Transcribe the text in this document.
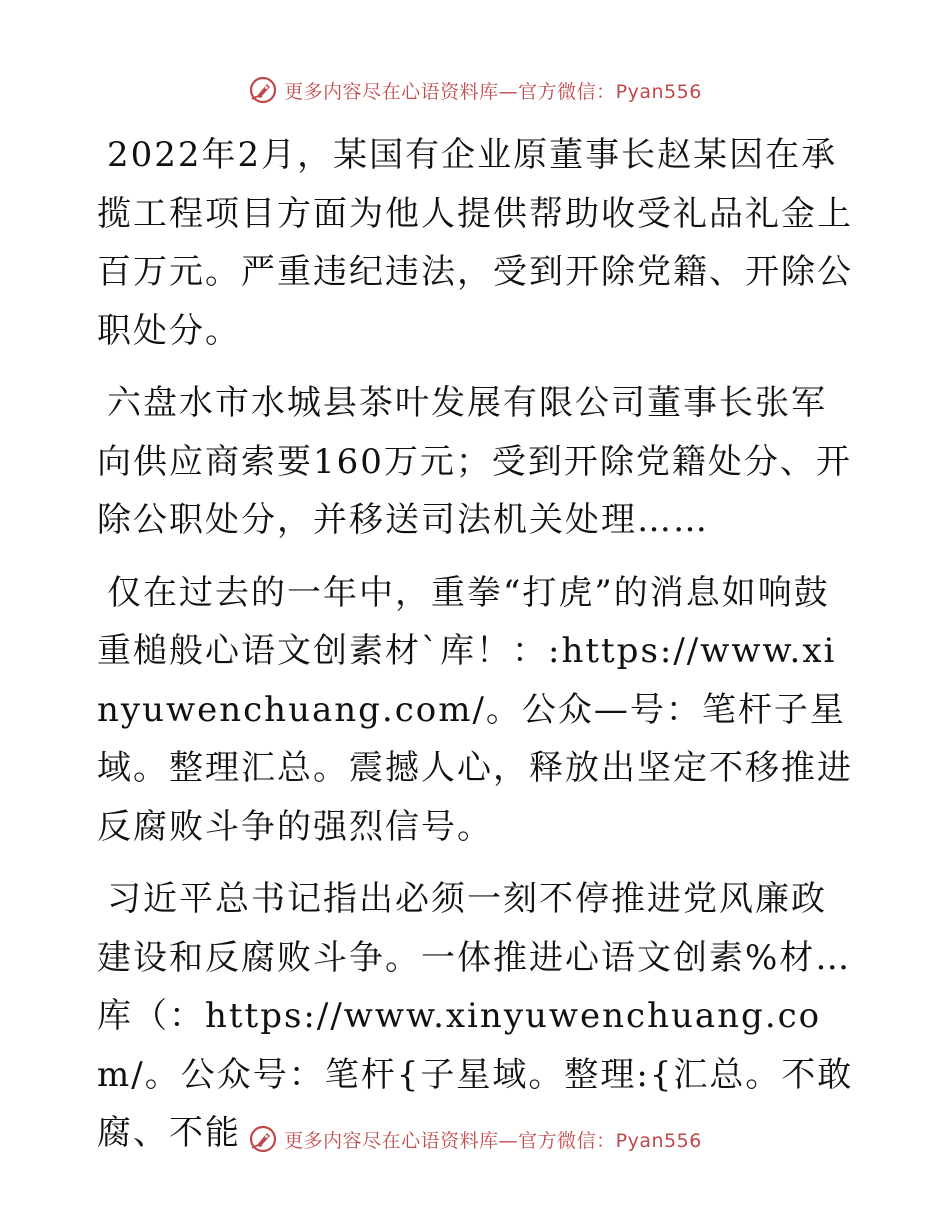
更多内容尽在心语资料库—官方微信：Pyan556

2022年2月，某国有企业原董事长赵某因在承揽工程项目方面为他人提供帮助收受礼品礼金上百万元。严重违纪违法，受到开除党籍、开除公职处分。

六盘水市水城县茶叶发展有限公司董事长张军向供应商索要160万元；受到开除党籍处分、开除公职处分，并移送司法机关处理……

仅在过去的一年中，重拳“打虎”的消息如响鼓重槌般心语文创素材`库！：:https://www.xinyuwenchuang.com/。公众—号：笔杆子星域。整理汇总。震撼人心，释放出坚定不移推进反腐败斗争的强烈信号。

习近平总书记指出必须一刻不停推进党风廉政建设和反腐败斗争。一体推进心语文创素%材…库（：https://www.xinyuwenchuang.com/。公众号：笔杆{子星域。整理:{汇总。不敢腐、不能	更多内容尽在心语资料库—官方微信：Pyan556
